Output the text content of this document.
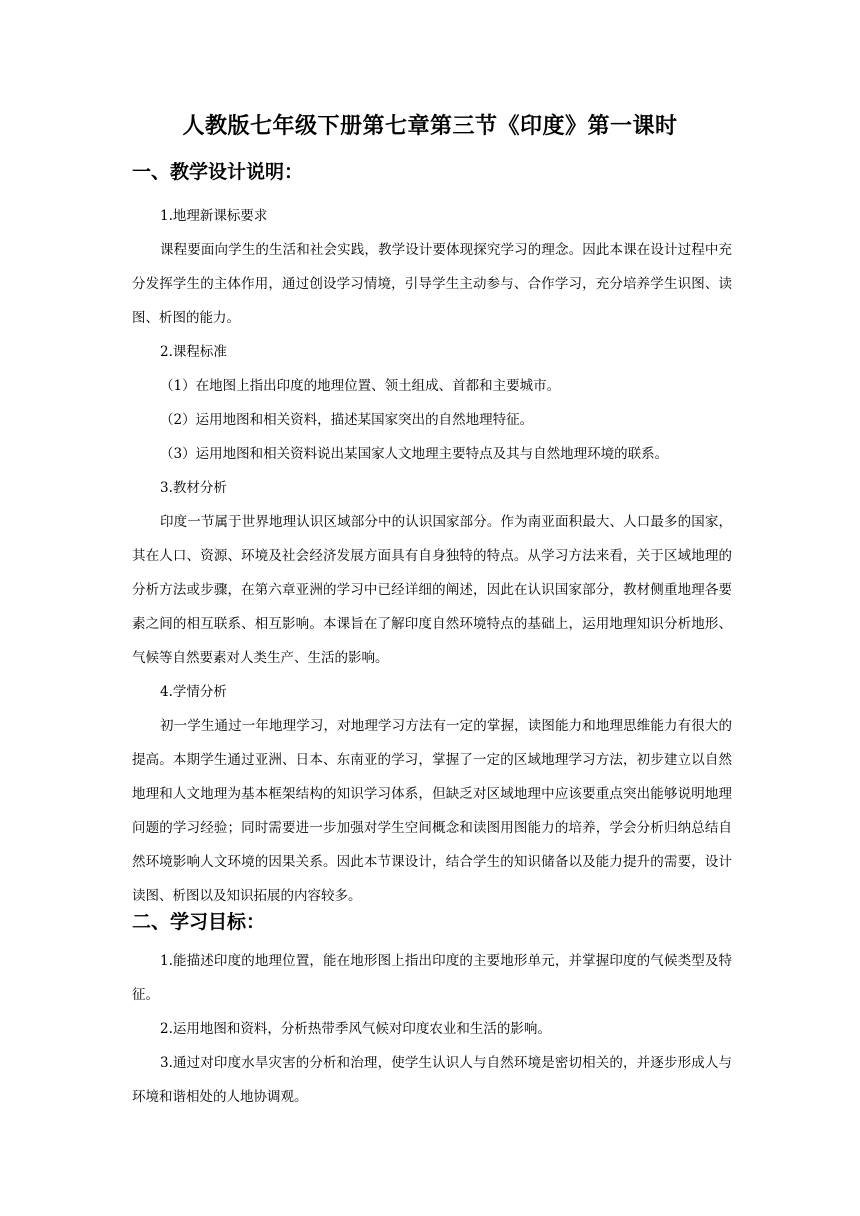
人教版七年级下册第七章第三节《印度》第一课时
一、教学设计说明：

1.地理新课标要求

课程要面向学生的生活和社会实践，教学设计要体现探究学习的理念。因此本课在设计过程中充分发挥学生的主体作用，通过创设学习情境，引导学生主动参与、合作学习，充分培养学生识图、读图、析图的能力。

2.课程标准

（1）在地图上指出印度的地理位置、领土组成、首都和主要城市。

（2）运用地图和相关资料，描述某国家突出的自然地理特征。

（3）运用地图和相关资料说出某国家人文地理主要特点及其与自然地理环境的联系。

3.教材分析

印度一节属于世界地理认识区域部分中的认识国家部分。作为南亚面积最大、人口最多的国家，其在人口、资源、环境及社会经济发展方面具有自身独特的特点。从学习方法来看，关于区域地理的分析方法或步骤，在第六章亚洲的学习中已经详细的阐述，因此在认识国家部分，教材侧重地理各要素之间的相互联系、相互影响。本课旨在了解印度自然环境特点的基础上，运用地理知识分析地形、气候等自然要素对人类生产、生活的影响。

4.学情分析

初一学生通过一年地理学习，对地理学习方法有一定的掌握，读图能力和地理思维能力有很大的提高。本期学生通过亚洲、日本、东南亚的学习，掌握了一定的区域地理学习方法，初步建立以自然地理和人文地理为基本框架结构的知识学习体系，但缺乏对区域地理中应该要重点突出能够说明地理问题的学习经验；同时需要进一步加强对学生空间概念和读图用图能力的培养，学会分析归纳总结自然环境影响人文环境的因果关系。因此本节课设计，结合学生的知识储备以及能力提升的需要，设计读图、析图以及知识拓展的内容较多。

二、学习目标：

1.能描述印度的地理位置，能在地形图上指出印度的主要地形单元，并掌握印度的气候类型及特征。

2.运用地图和资料，分析热带季风气候对印度农业和生活的影响。

3.通过对印度水旱灾害的分析和治理，使学生认识人与自然环境是密切相关的，并逐步形成人与环境和谐相处的人地协调观。
